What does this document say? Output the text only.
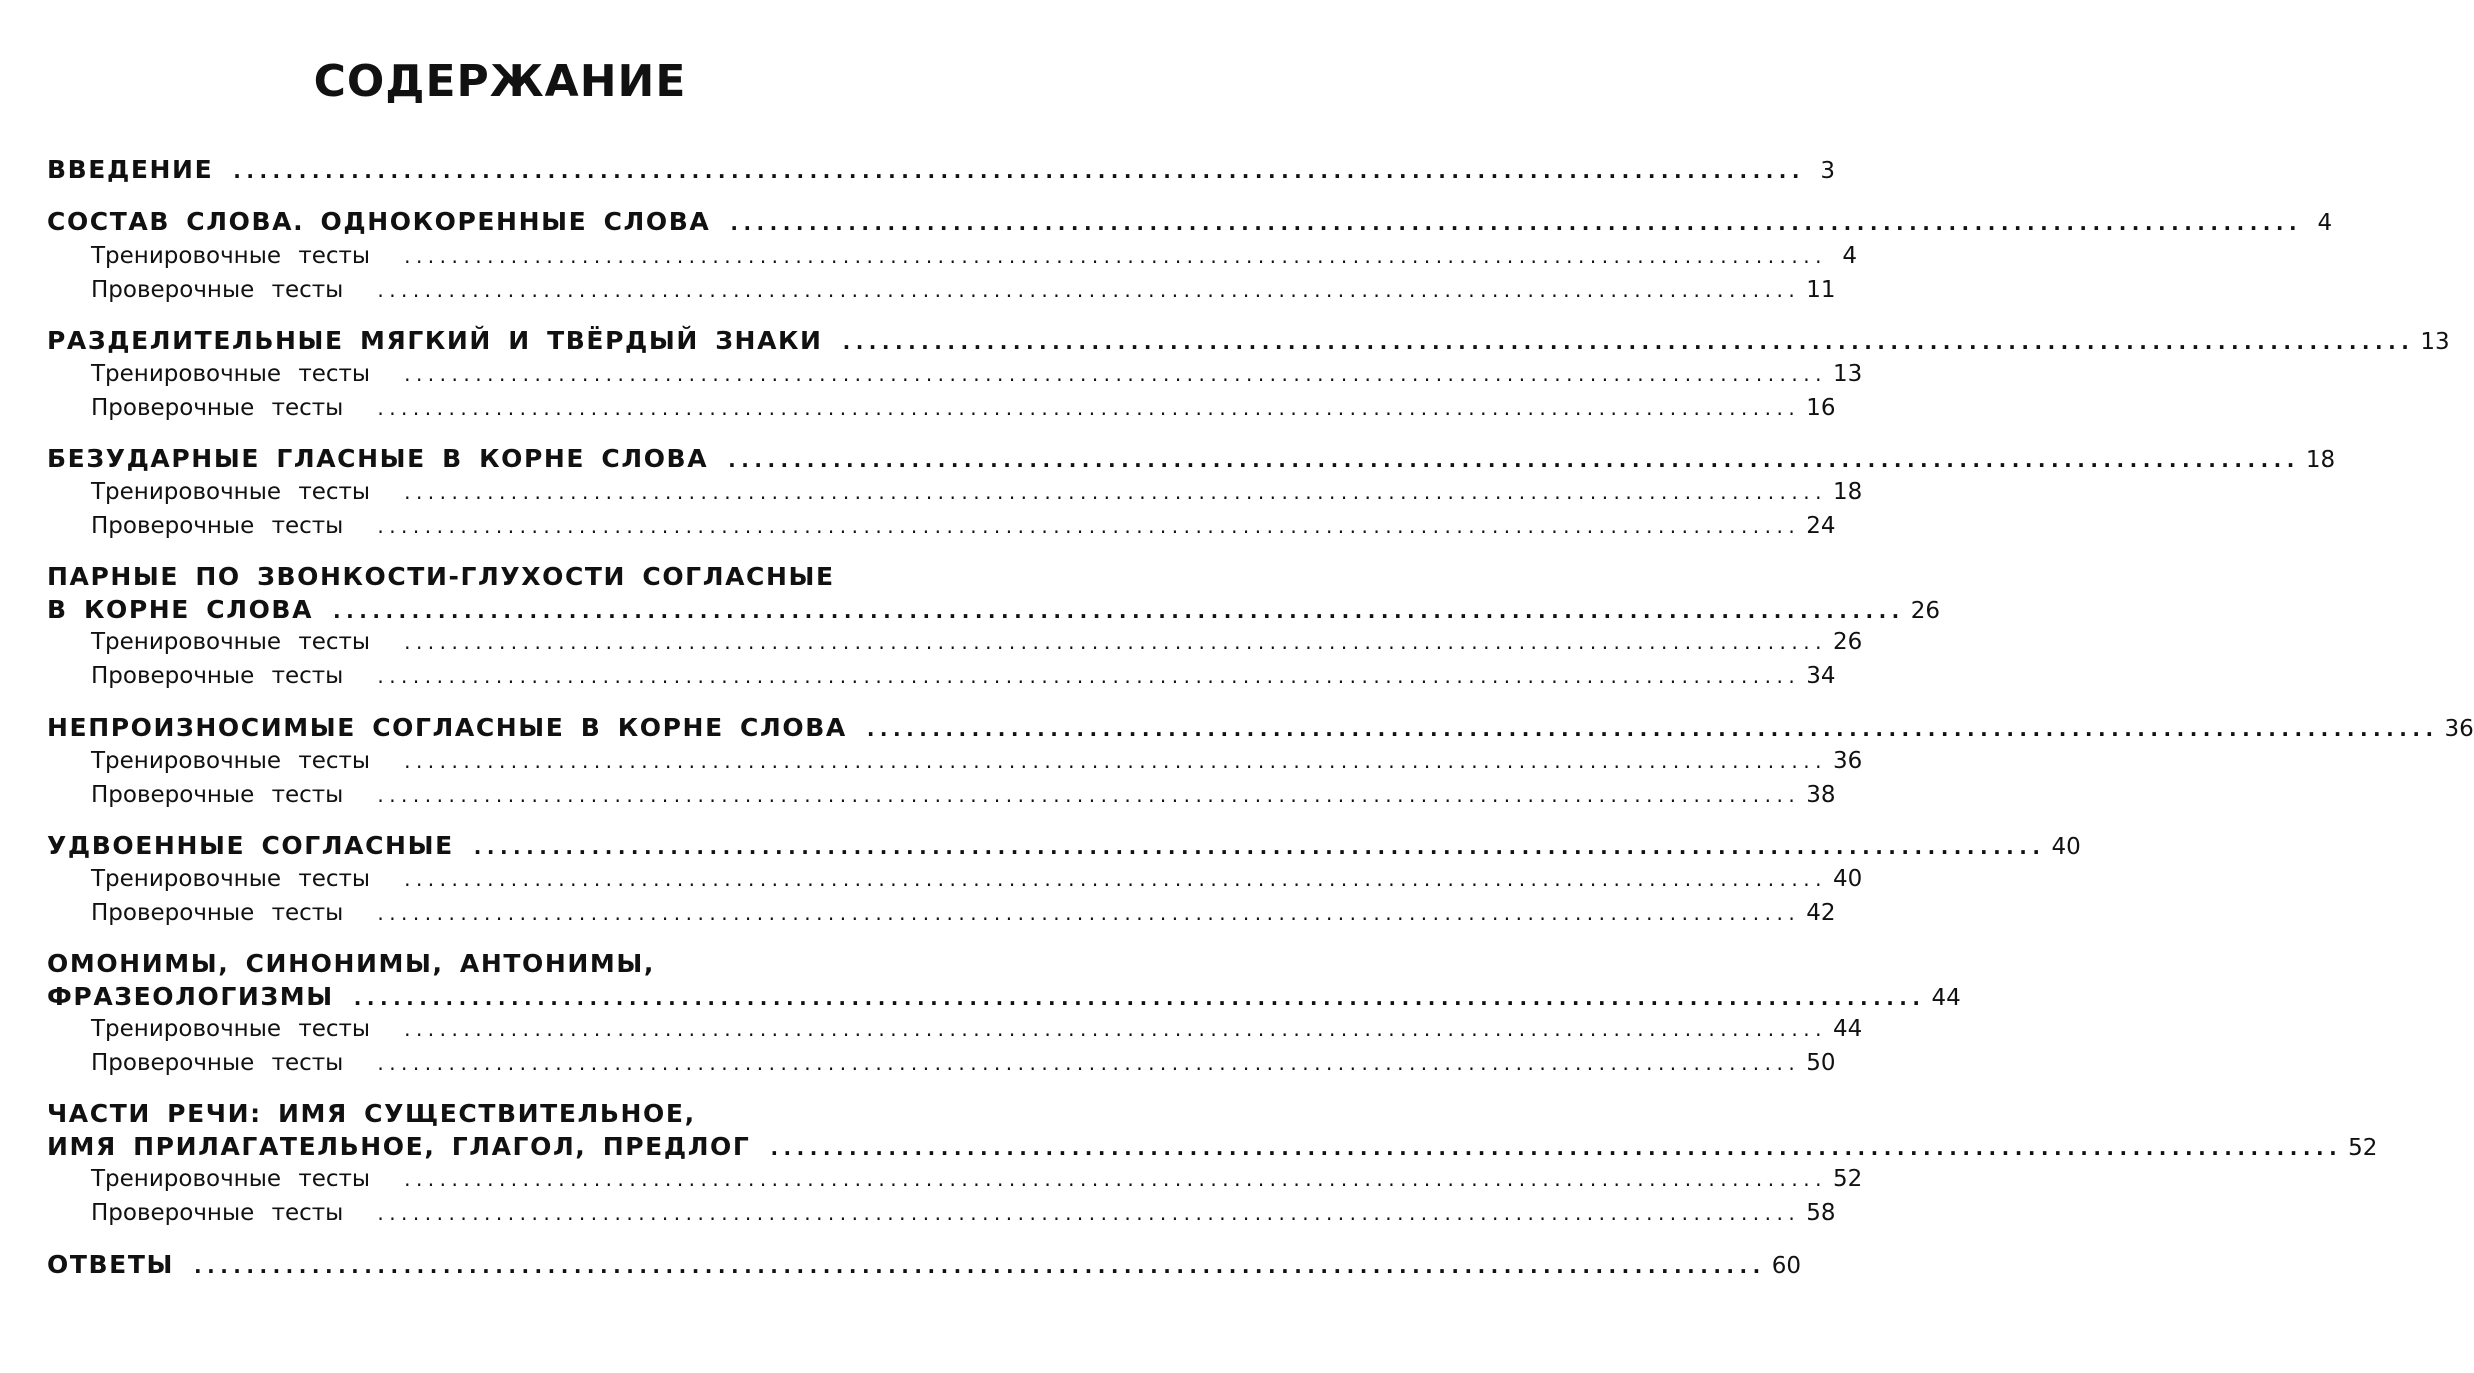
СОДЕРЖАНИЕ
ВВЕДЕНИЕ ........................................................................................................................ 3
СОСТАВ СЛОВА. ОДНОКОРЕННЫЕ СЛОВА ........................................................................................................................ 4
Тренировочные тесты ........................................................................................................................ 4
Проверочные тесты ........................................................................................................................ 11
РАЗДЕЛИТЕЛЬНЫЕ МЯГКИЙ И ТВЁРДЫЙ ЗНАКИ ........................................................................................................................ 13
Тренировочные тесты ........................................................................................................................ 13
Проверочные тесты ........................................................................................................................ 16
БЕЗУДАРНЫЕ ГЛАСНЫЕ В КОРНЕ СЛОВА ........................................................................................................................ 18
Тренировочные тесты ........................................................................................................................ 18
Проверочные тесты ........................................................................................................................ 24
ПАРНЫЕ ПО ЗВОНКОСТИ-ГЛУХОСТИ СОГЛАСНЫЕ
В КОРНЕ СЛОВА ........................................................................................................................ 26
Тренировочные тесты ........................................................................................................................ 26
Проверочные тесты ........................................................................................................................ 34
НЕПРОИЗНОСИМЫЕ СОГЛАСНЫЕ В КОРНЕ СЛОВА ........................................................................................................................ 36
Тренировочные тесты ........................................................................................................................ 36
Проверочные тесты ........................................................................................................................ 38
УДВОЕННЫЕ СОГЛАСНЫЕ ........................................................................................................................ 40
Тренировочные тесты ........................................................................................................................ 40
Проверочные тесты ........................................................................................................................ 42
ОМОНИМЫ, СИНОНИМЫ, АНТОНИМЫ,
ФРАЗЕОЛОГИЗМЫ ........................................................................................................................ 44
Тренировочные тесты ........................................................................................................................ 44
Проверочные тесты ........................................................................................................................ 50
ЧАСТИ РЕЧИ: ИМЯ СУЩЕСТВИТЕЛЬНОЕ,
ИМЯ ПРИЛАГАТЕЛЬНОЕ, ГЛАГОЛ, ПРЕДЛОГ ........................................................................................................................ 52
Тренировочные тесты ........................................................................................................................ 52
Проверочные тесты ........................................................................................................................ 58
ОТВЕТЫ ........................................................................................................................ 60
